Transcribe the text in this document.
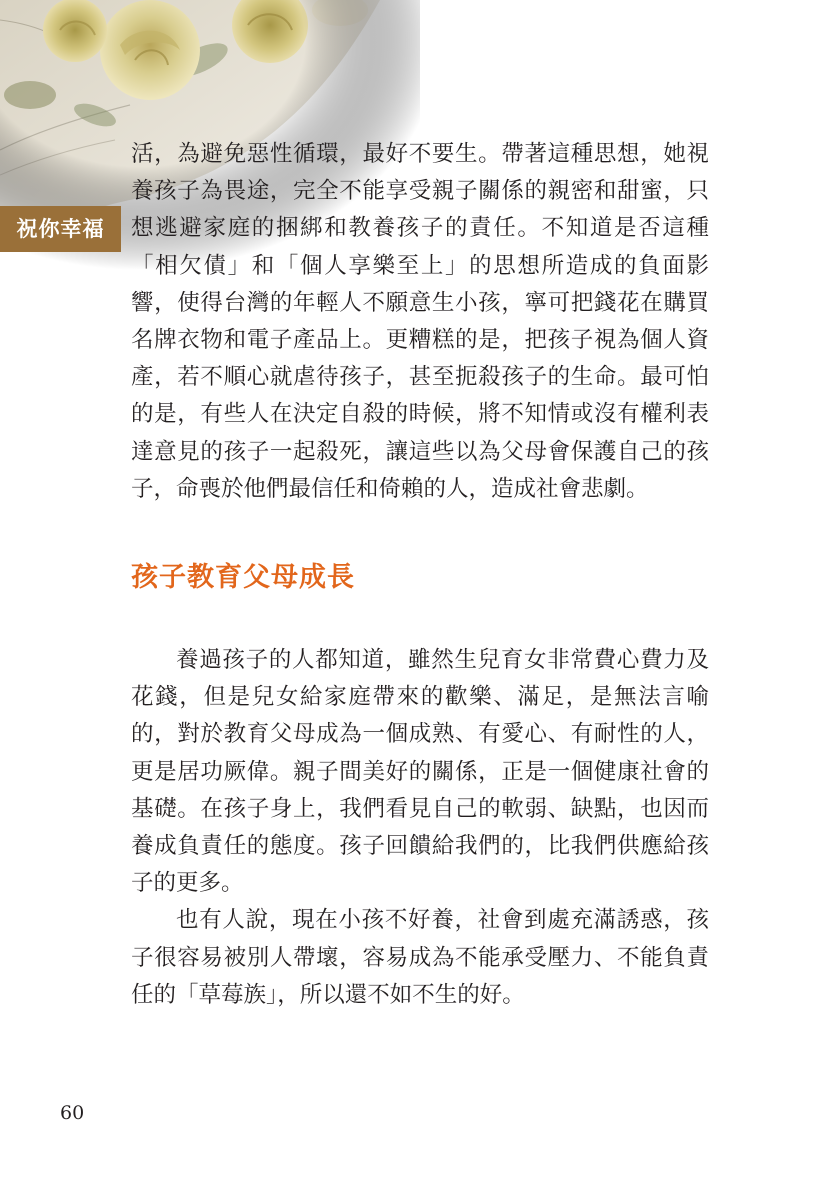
祝你幸福

活，為避免惡性循環，最好不要生。帶著這種思想，她視養孩子為畏途，完全不能享受親子關係的親密和甜蜜，只想逃避家庭的捆綁和教養孩子的責任。不知道是否這種「相欠債」和「個人享樂至上」的思想所造成的負面影響，使得台灣的年輕人不願意生小孩，寧可把錢花在購買名牌衣物和電子產品上。更糟糕的是，把孩子視為個人資產，若不順心就虐待孩子，甚至扼殺孩子的生命。最可怕的是，有些人在決定自殺的時候，將不知情或沒有權利表達意見的孩子一起殺死，讓這些以為父母會保護自己的孩子，命喪於他們最信任和倚賴的人，造成社會悲劇。

孩子教育父母成長

養過孩子的人都知道，雖然生兒育女非常費心費力及花錢，但是兒女給家庭帶來的歡樂、滿足，是無法言喻的，對於教育父母成為一個成熟、有愛心、有耐性的人，更是居功厥偉。親子間美好的關係，正是一個健康社會的基礎。在孩子身上，我們看見自己的軟弱、缺點，也因而養成負責任的態度。孩子回饋給我們的，比我們供應給孩子的更多。

也有人說，現在小孩不好養，社會到處充滿誘惑，孩子很容易被別人帶壞，容易成為不能承受壓力、不能負責任的「草莓族」，所以還不如不生的好。

60
